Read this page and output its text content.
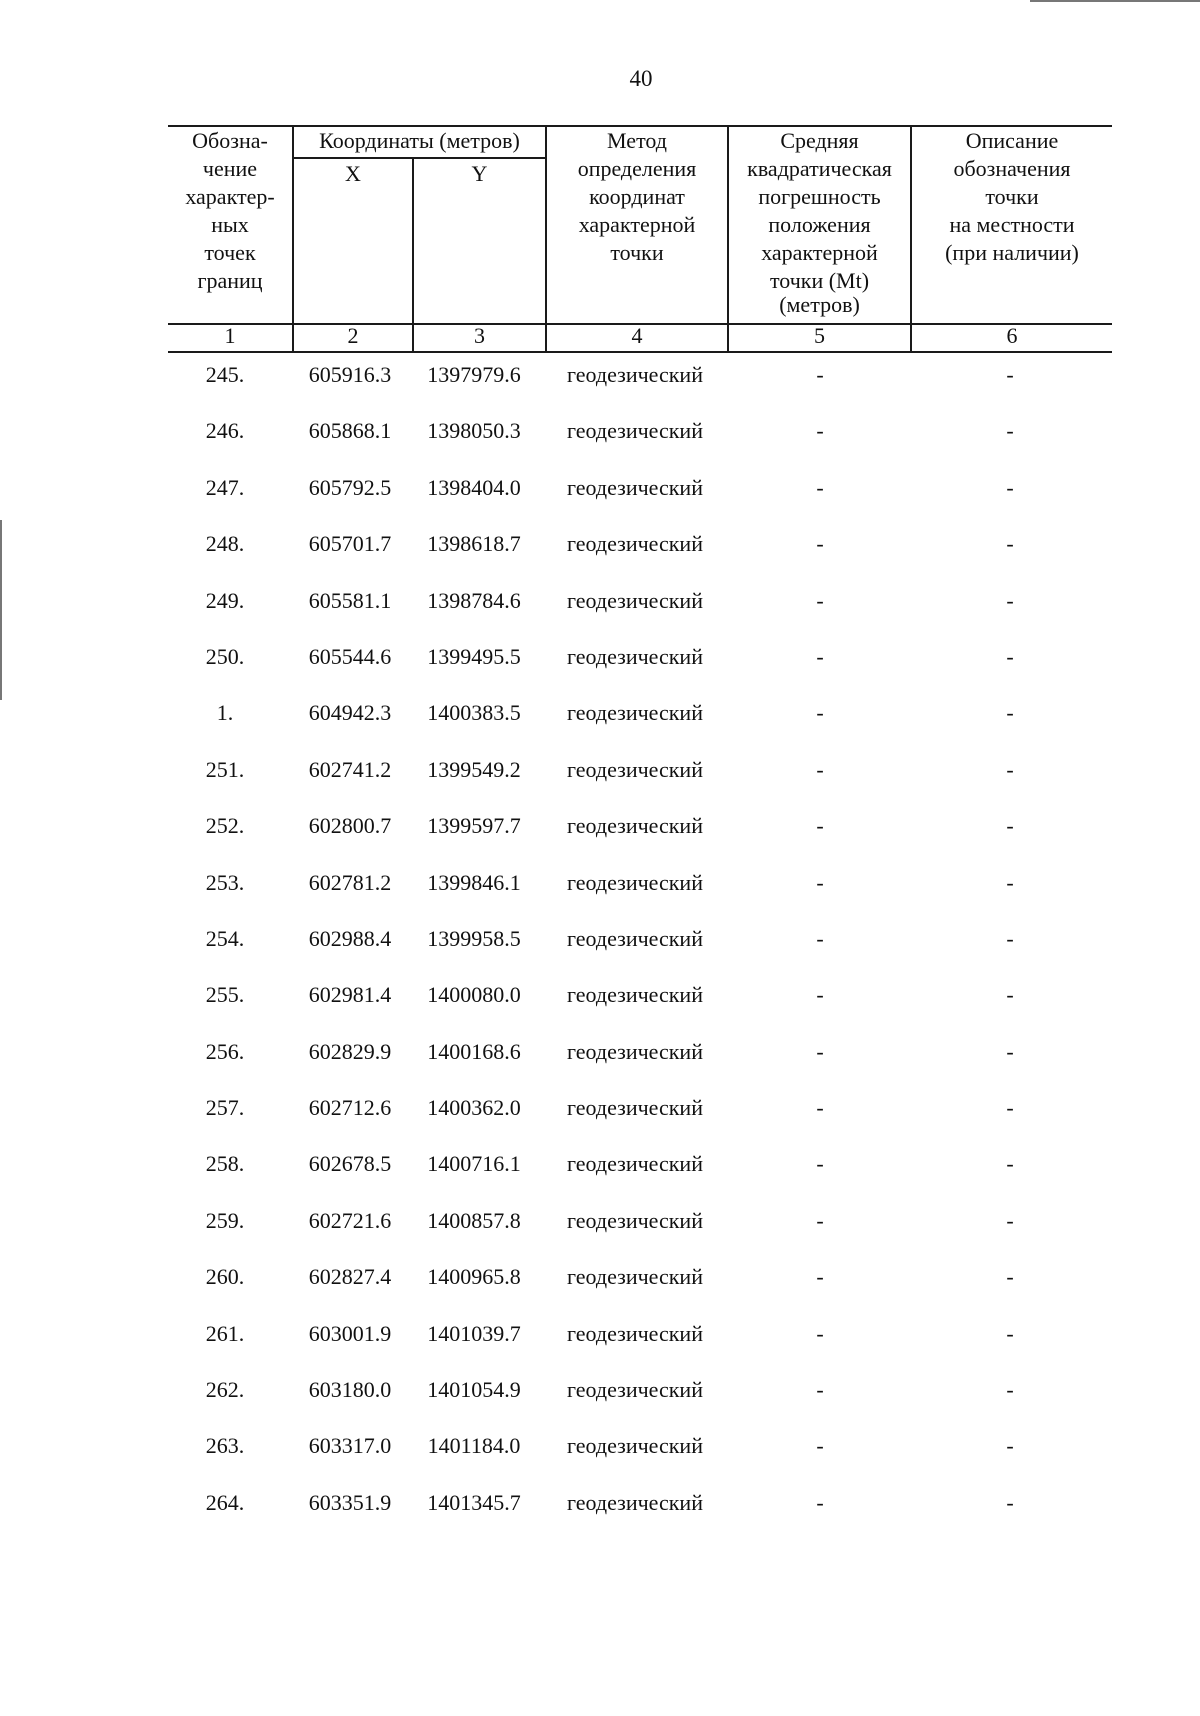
40
Обозна-
чение
характер-
ных
точек
границ
Координаты (метров)
X	Y
Метод
определения
координат
характерной
точки
Средняя
квадратическая
погрешность
положения
характерной
точки (Mt)
(метров)
Описание
обозначения
точки
на местности
(при наличии)
1	2	3	4	5	6
245.	605916.3	1397979.6	геодезический	-	-
246.	605868.1	1398050.3	геодезический	-	-
247.	605792.5	1398404.0	геодезический	-	-
248.	605701.7	1398618.7	геодезический	-	-
249.	605581.1	1398784.6	геодезический	-	-
250.	605544.6	1399495.5	геодезический	-	-
1.	604942.3	1400383.5	геодезический	-	-
251.	602741.2	1399549.2	геодезический	-	-
252.	602800.7	1399597.7	геодезический	-	-
253.	602781.2	1399846.1	геодезический	-	-
254.	602988.4	1399958.5	геодезический	-	-
255.	602981.4	1400080.0	геодезический	-	-
256.	602829.9	1400168.6	геодезический	-	-
257.	602712.6	1400362.0	геодезический	-	-
258.	602678.5	1400716.1	геодезический	-	-
259.	602721.6	1400857.8	геодезический	-	-
260.	602827.4	1400965.8	геодезический	-	-
261.	603001.9	1401039.7	геодезический	-	-
262.	603180.0	1401054.9	геодезический	-	-
263.	603317.0	1401184.0	геодезический	-	-
264.	603351.9	1401345.7	геодезический	-	-
